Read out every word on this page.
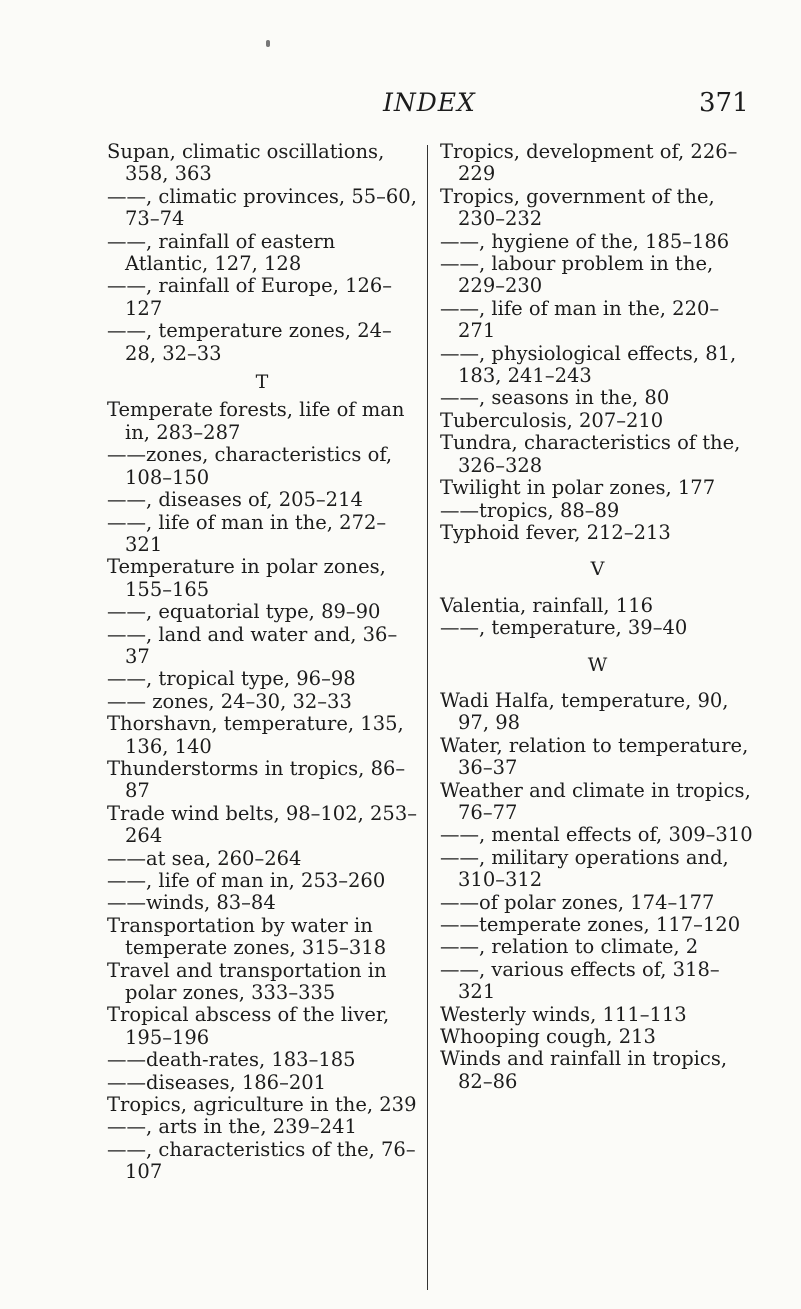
INDEX	371
Supan, climatic oscillations, 358, 363
——, climatic provinces, 55–60, 73–74
——, rainfall of eastern Atlantic, 127, 128
——, rainfall of Europe, 126–127
——, temperature zones, 24–28, 32–33
T
Temperate forests, life of man in, 283–287
——zones, characteristics of, 108–150
——, diseases of, 205–214
——, life of man in the, 272–321
Temperature in polar zones, 155–165
——, equatorial type, 89–90
——, land and water and, 36–37
——, tropical type, 96–98
—— zones, 24–30, 32–33
Thorshavn, temperature, 135, 136, 140
Thunderstorms in tropics, 86–87
Trade wind belts, 98–102, 253–264
——at sea, 260–264
——, life of man in, 253–260
——winds, 83–84
Transportation by water in temperate zones, 315–318
Travel and transportation in polar zones, 333–335
Tropical abscess of the liver, 195–196
——death-rates, 183–185
——diseases, 186–201
Tropics, agriculture in the, 239
——, arts in the, 239–241
——, characteristics of the, 76–107
Tropics, development of, 226–229
Tropics, government of the, 230–232
——, hygiene of the, 185–186
——, labour problem in the, 229–230
——, life of man in the, 220–271
——, physiological effects, 81, 183, 241–243
——, seasons in the, 80
Tuberculosis, 207–210
Tundra, characteristics of the, 326–328
Twilight in polar zones, 177
——tropics, 88–89
Typhoid fever, 212–213
V
Valentia, rainfall, 116
——, temperature, 39–40
W
Wadi Halfa, temperature, 90, 97, 98
Water, relation to temperature, 36–37
Weather and climate in tropics, 76–77
——, mental effects of, 309–310
——, military operations and, 310–312
——of polar zones, 174–177
——temperate zones, 117–120
——, relation to climate, 2
——, various effects of, 318–321
Westerly winds, 111–113
Whooping cough, 213
Winds and rainfall in tropics, 82–86
